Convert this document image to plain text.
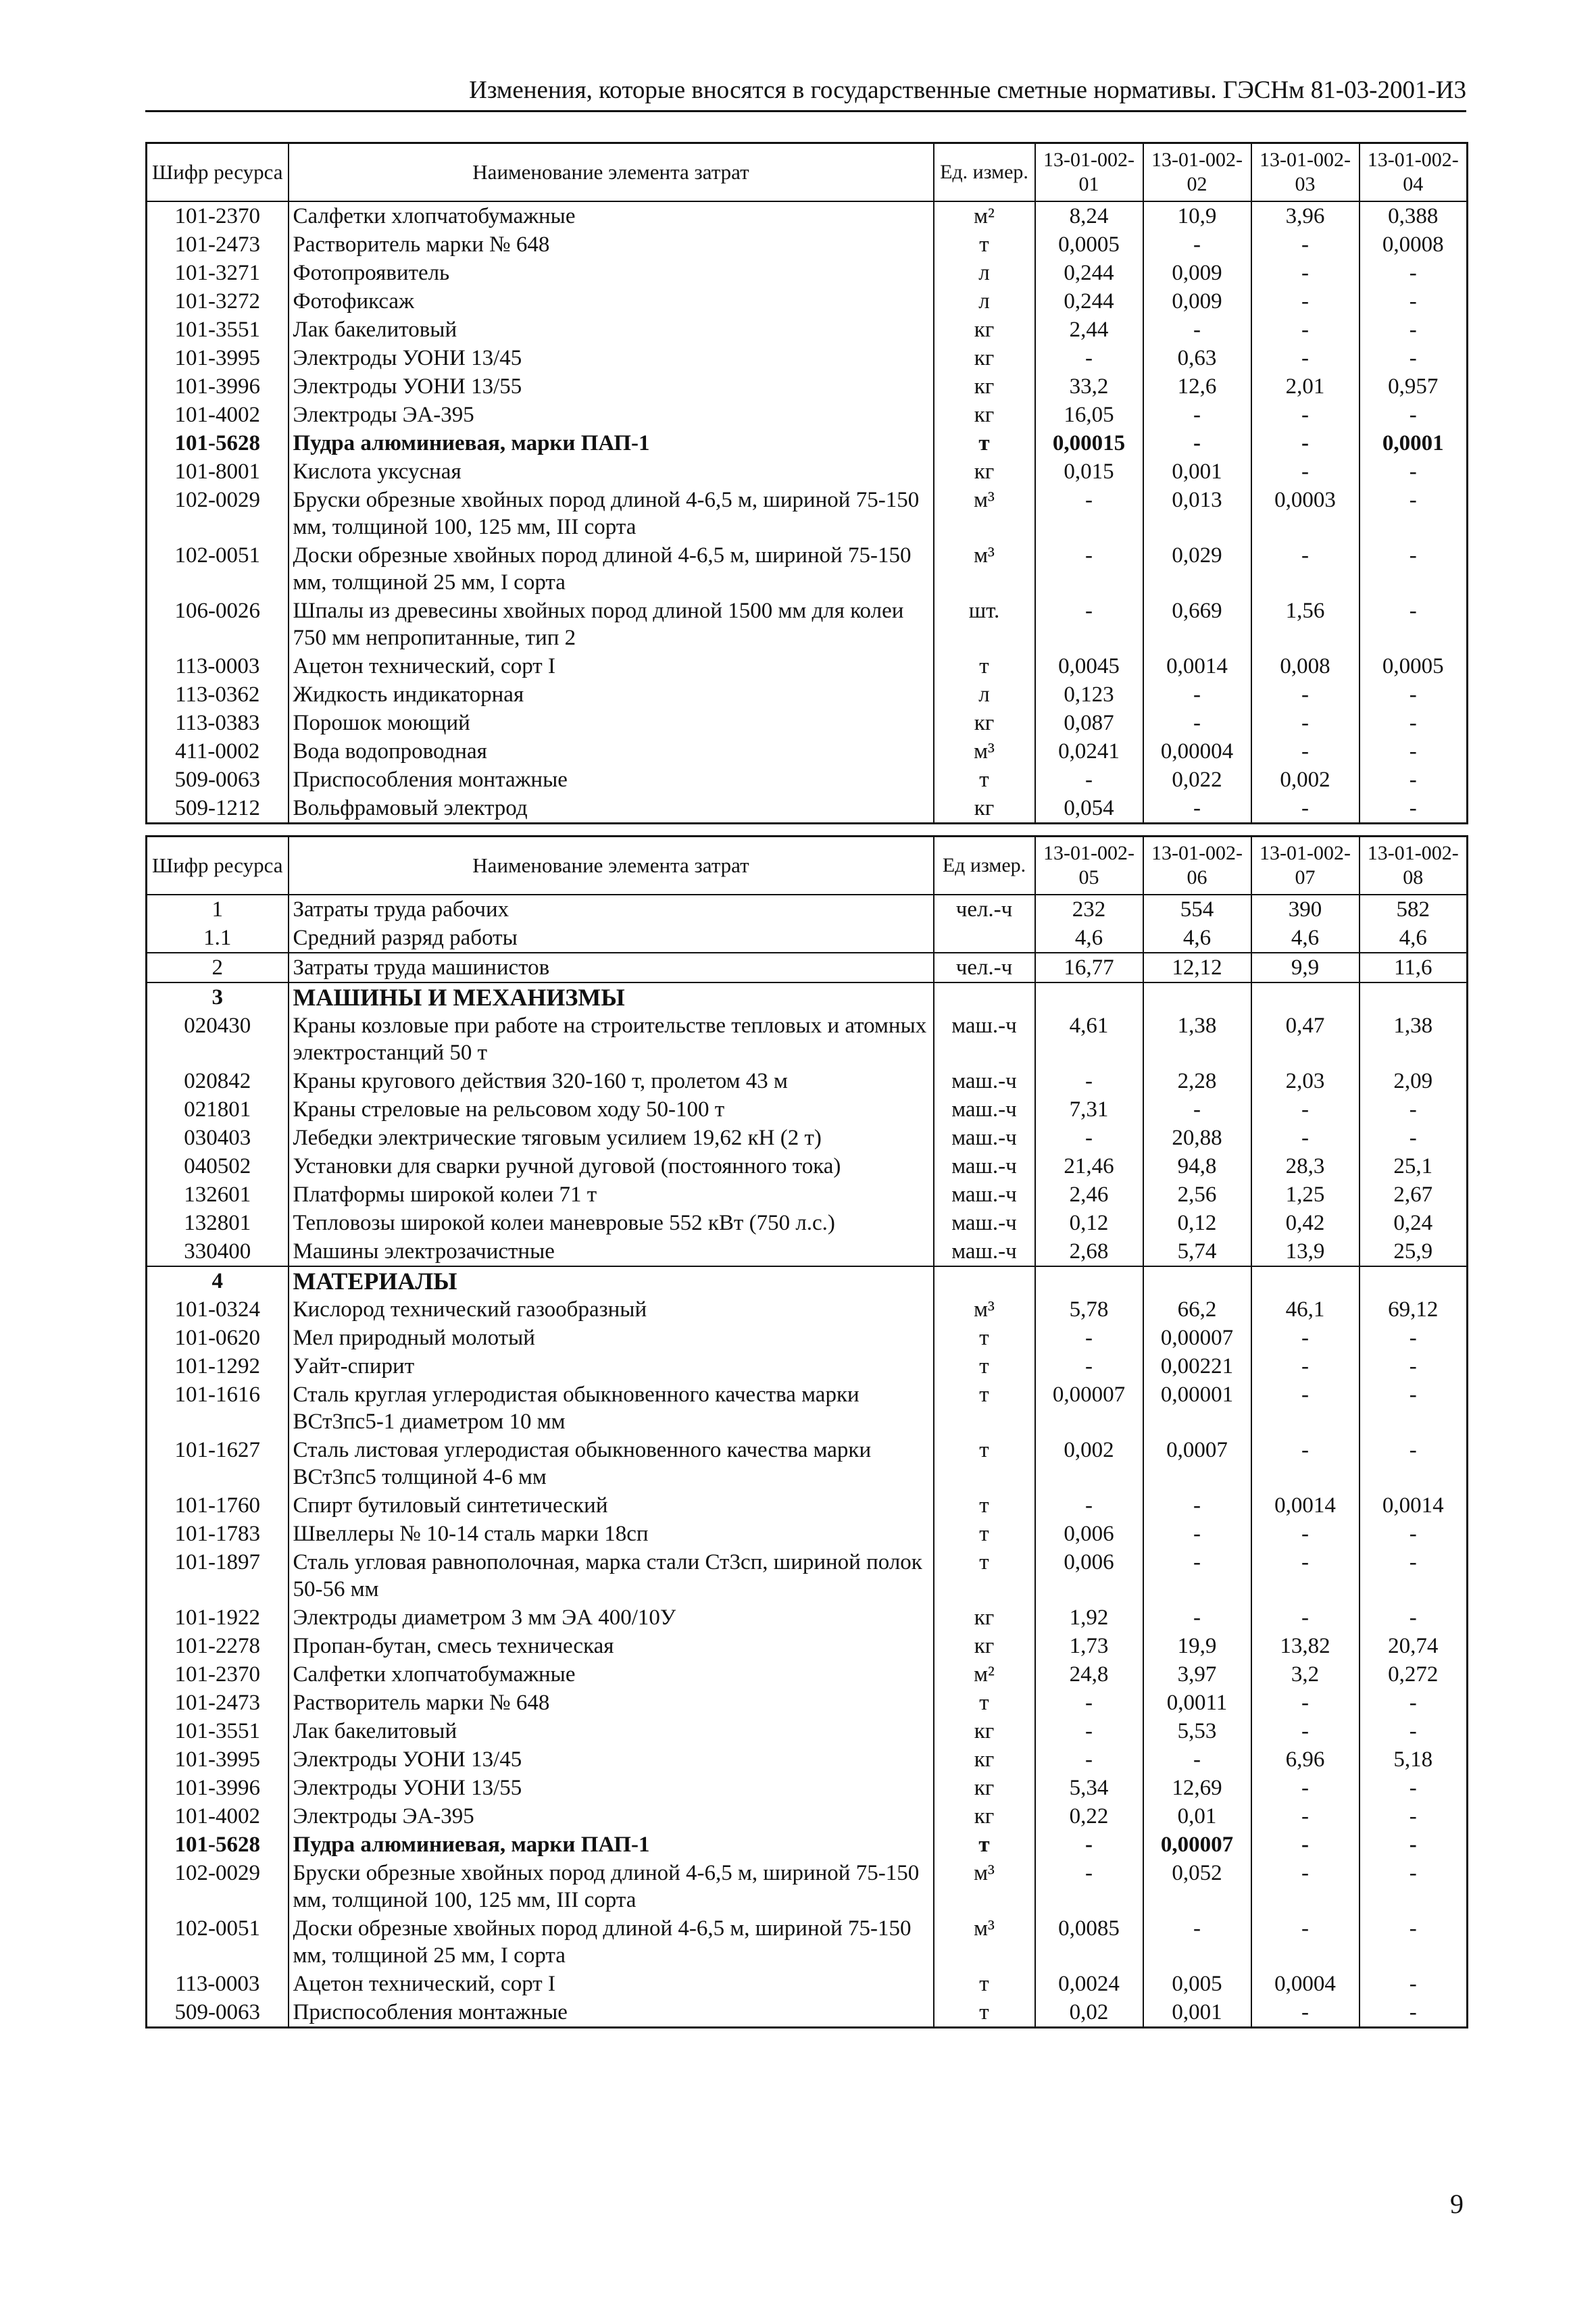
Изменения, которые вносятся в государственные сметные нормативы. ГЭСНм 81-03-2001-И3
Шифр ресурса	Наименование элемента затрат	Ед. измер.	13-01-002-01	13-01-002-02	13-01-002-03	13-01-002-04
101-2370	Салфетки хлопчатобумажные	м²	8,24	10,9	3,96	0,388
101-2473	Растворитель марки № 648	т	0,0005	-	-	0,0008
101-3271	Фотопроявитель	л	0,244	0,009	-	-
101-3272	Фотофиксаж	л	0,244	0,009	-	-
101-3551	Лак бакелитовый	кг	2,44	-	-	-
101-3995	Электроды УОНИ 13/45	кг	-	0,63	-	-
101-3996	Электроды УОНИ 13/55	кг	33,2	12,6	2,01	0,957
101-4002	Электроды ЭА-395	кг	16,05	-	-	-
101-5628	Пудра алюминиевая, марки ПАП-1	т	0,00015	-	-	0,0001
101-8001	Кислота уксусная	кг	0,015	0,001	-	-
102-0029	Бруски обрезные хвойных пород длиной 4-6,5 м, шириной 75-150 мм, толщиной 100, 125 мм, III сорта	м³	-	0,013	0,0003	-
102-0051	Доски обрезные хвойных пород длиной 4-6,5 м, шириной 75-150 мм, толщиной 25 мм, I сорта	м³	-	0,029	-	-
106-0026	Шпалы из древесины хвойных пород длиной 1500 мм для колеи 750 мм непропитанные, тип 2	шт.	-	0,669	1,56	-
113-0003	Ацетон технический, сорт I	т	0,0045	0,0014	0,008	0,0005
113-0362	Жидкость индикаторная	л	0,123	-	-	-
113-0383	Порошок моющий	кг	0,087	-	-	-
411-0002	Вода водопроводная	м³	0,0241	0,00004	-	-
509-0063	Приспособления монтажные	т	-	0,022	0,002	-
509-1212	Вольфрамовый электрод	кг	0,054	-	-	-
Шифр ресурса	Наименование элемента затрат	Ед измер.	13-01-002-05	13-01-002-06	13-01-002-07	13-01-002-08
1	Затраты труда рабочих	чел.-ч	232	554	390	582
1.1	Средний разряд работы		4,6	4,6	4,6	4,6
2	Затраты труда машинистов	чел.-ч	16,77	12,12	9,9	11,6
3	МАШИНЫ И МЕХАНИЗМЫ					
020430	Краны козловые при работе на строительстве тепловых и атомных электростанций 50 т	маш.-ч	4,61	1,38	0,47	1,38
020842	Краны кругового действия 320-160 т, пролетом 43 м	маш.-ч	-	2,28	2,03	2,09
021801	Краны стреловые на рельсовом ходу 50-100 т	маш.-ч	7,31	-	-	-
030403	Лебедки электрические тяговым усилием 19,62 кН (2 т)	маш.-ч	-	20,88	-	-
040502	Установки для сварки ручной дуговой (постоянного тока)	маш.-ч	21,46	94,8	28,3	25,1
132601	Платформы широкой колеи 71 т	маш.-ч	2,46	2,56	1,25	2,67
132801	Тепловозы широкой колеи маневровые 552 кВт (750 л.с.)	маш.-ч	0,12	0,12	0,42	0,24
330400	Машины электрозачистные	маш.-ч	2,68	5,74	13,9	25,9
4	МАТЕРИАЛЫ					
101-0324	Кислород технический газообразный	м³	5,78	66,2	46,1	69,12
101-0620	Мел природный молотый	т	-	0,00007	-	-
101-1292	Уайт-спирит	т	-	0,00221	-	-
101-1616	Сталь круглая углеродистая обыкновенного качества марки ВСт3пс5-1 диаметром 10 мм	т	0,00007	0,00001	-	-
101-1627	Сталь листовая углеродистая обыкновенного качества марки ВСт3пс5 толщиной 4-6 мм	т	0,002	0,0007	-	-
101-1760	Спирт бутиловый синтетический	т	-	-	0,0014	0,0014
101-1783	Швеллеры № 10-14 сталь марки 18сп	т	0,006	-	-	-
101-1897	Сталь угловая равнополочная, марка стали Ст3сп, шириной полок 50-56 мм	т	0,006	-	-	-
101-1922	Электроды диаметром 3 мм ЭА 400/10У	кг	1,92	-	-	-
101-2278	Пропан-бутан, смесь техническая	кг	1,73	19,9	13,82	20,74
101-2370	Салфетки хлопчатобумажные	м²	24,8	3,97	3,2	0,272
101-2473	Растворитель марки № 648	т	-	0,0011	-	-
101-3551	Лак бакелитовый	кг	-	5,53	-	-
101-3995	Электроды УОНИ 13/45	кг	-	-	6,96	5,18
101-3996	Электроды УОНИ 13/55	кг	5,34	12,69	-	-
101-4002	Электроды ЭА-395	кг	0,22	0,01	-	-
101-5628	Пудра алюминиевая, марки ПАП-1	т	-	0,00007	-	-
102-0029	Бруски обрезные хвойных пород длиной 4-6,5 м, шириной 75-150 мм, толщиной 100, 125 мм, III сорта	м³	-	0,052	-	-
102-0051	Доски обрезные хвойных пород длиной 4-6,5 м, шириной 75-150 мм, толщиной 25 мм, I сорта	м³	0,0085	-	-	-
113-0003	Ацетон технический, сорт I	т	0,0024	0,005	0,0004	-
509-0063	Приспособления монтажные	т	0,02	0,001	-	-
9
